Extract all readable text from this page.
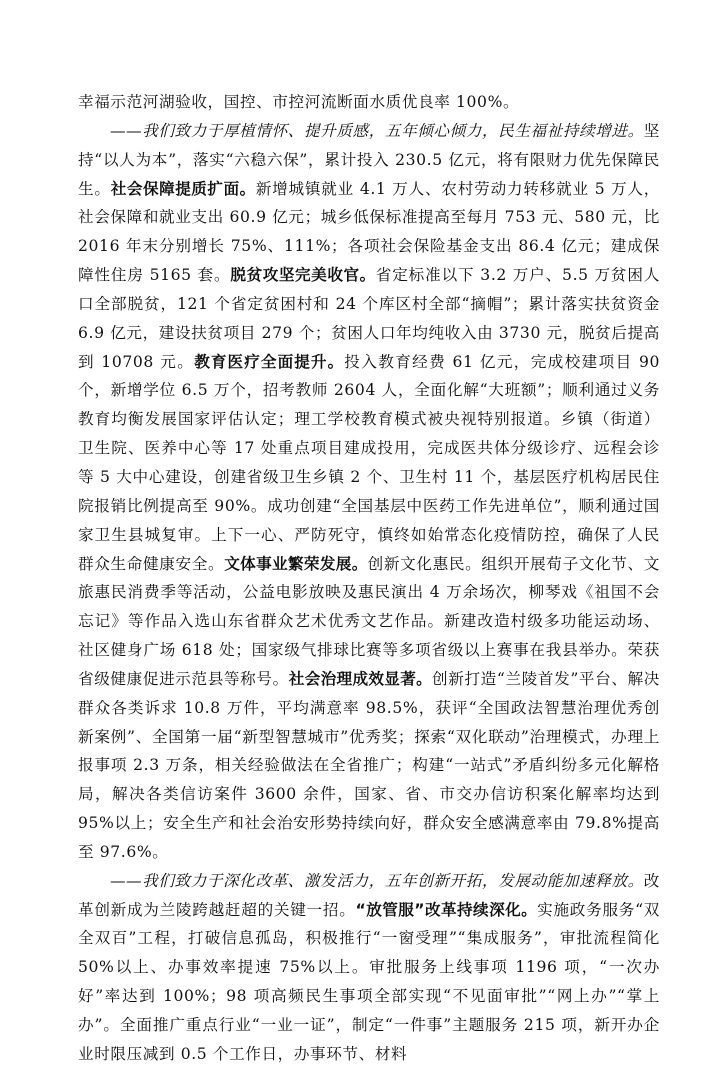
幸福示范河湖验收，国控、市控河流断面水质优良率 100%。

——我们致力于厚植情怀、提升质感，五年倾心倾力，民生福祉持续增进。坚持“以人为本”，落实“六稳六保”，累计投入 230.5 亿元，将有限财力优先保障民生。社会保障提质扩面。新增城镇就业 4.1 万人、农村劳动力转移就业 5 万人，社会保障和就业支出 60.9 亿元；城乡低保标准提高至每月 753 元、580 元，比 2016 年末分别增长 75%、111%；各项社会保险基金支出 86.4 亿元；建成保障性住房 5165 套。脱贫攻坚完美收官。省定标准以下 3.2 万户、5.5 万贫困人口全部脱贫，121 个省定贫困村和 24 个库区村全部“摘帽”；累计落实扶贫资金 6.9 亿元，建设扶贫项目 279 个；贫困人口年均纯收入由 3730 元，脱贫后提高到 10708 元。教育医疗全面提升。投入教育经费 61 亿元，完成校建项目 90 个，新增学位 6.5 万个，招考教师 2604 人，全面化解“大班额”；顺利通过义务教育均衡发展国家评估认定；理工学校教育模式被央视特别报道。乡镇（街道）卫生院、医养中心等 17 处重点项目建成投用，完成医共体分级诊疗、远程会诊等 5 大中心建设，创建省级卫生乡镇 2 个、卫生村 11 个，基层医疗机构居民住院报销比例提高至 90%。成功创建“全国基层中医药工作先进单位”，顺利通过国家卫生县城复审。上下一心、严防死守，慎终如始常态化疫情防控，确保了人民群众生命健康安全。文体事业繁荣发展。创新文化惠民。组织开展荀子文化节、文旅惠民消费季等活动，公益电影放映及惠民演出 4 万余场次，柳琴戏《祖国不会忘记》等作品入选山东省群众艺术优秀文艺作品。新建改造村级多功能运动场、社区健身广场 618 处；国家级气排球比赛等多项省级以上赛事在我县举办。荣获省级健康促进示范县等称号。社会治理成效显著。创新打造“兰陵首发”平台、解决群众各类诉求 10.8 万件，平均满意率 98.5%，获评“全国政法智慧治理优秀创新案例”、全国第一届“新型智慧城市”优秀奖；探索“双化联动”治理模式，办理上报事项 2.3 万条，相关经验做法在全省推广；构建“一站式”矛盾纠纷多元化解格局，解决各类信访案件 3600 余件，国家、省、市交办信访积案化解率均达到 95%以上；安全生产和社会治安形势持续向好，群众安全感满意率由 79.8%提高至 97.6%。

——我们致力于深化改革、激发活力，五年创新开拓，发展动能加速释放。改革创新成为兰陵跨越赶超的关键一招。“放管服”改革持续深化。实施政务服务“双全双百”工程，打破信息孤岛，积极推行“一窗受理”“集成服务”，审批流程简化 50%以上、办事效率提速 75%以上。审批服务上线事项 1196 项，“一次办好”率达到 100%；98 项高频民生事项全部实现“不见面审批”“网上办”“掌上办”。全面推广重点行业“一业一证”，制定“一件事”主题服务 215 项，新开办企业时限压减到 0.5 个工作日，办事环节、材料
